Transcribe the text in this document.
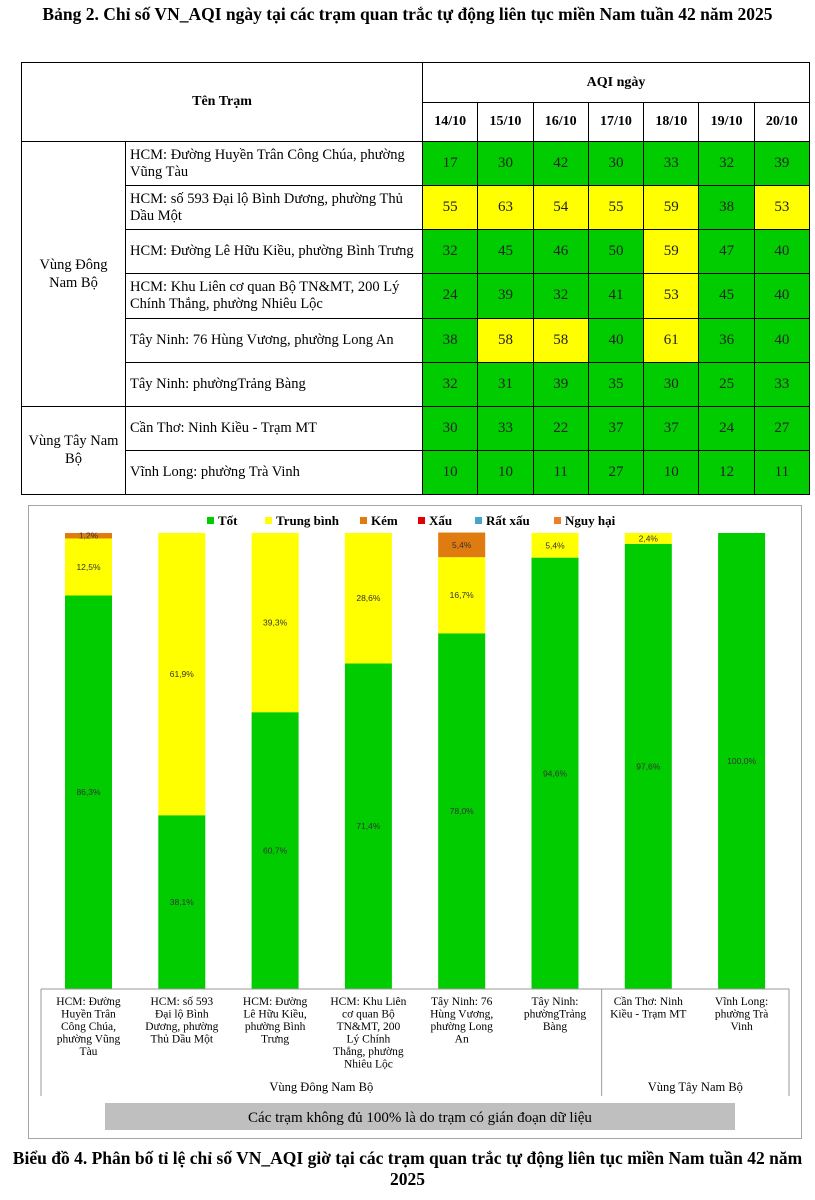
Bảng 2. Chỉ số VN_AQI ngày tại các trạm quan trắc tự động liên tục miền Nam tuần 42 năm 2025
Tên Trạm		AQI ngày						
		14/10	15/10	16/10	17/10	18/10	19/10	20/10
Vùng Đông Nam Bộ	HCM: Đường Huyền Trân Công Chúa, phường Vũng Tàu	17	30	42	30	33	32	39
	HCM: số 593 Đại lộ Bình Dương, phường Thủ Dầu Một	55	63	54	55	59	38	53
	HCM: Đường Lê Hữu Kiều, phường Bình Trưng	32	45	46	50	59	47	40
	HCM: Khu Liên cơ quan Bộ TN&MT, 200 Lý Chính Thắng, phường Nhiêu Lộc	24	39	32	41	53	45	40
	Tây Ninh: 76 Hùng Vương, phường Long An	38	58	58	40	61	36	40
	Tây Ninh: phườngTrảng Bàng	32	31	39	35	30	25	33
Vùng Tây Nam Bộ	Cần Thơ: Ninh Kiều - Trạm MT	30	33	22	37	37	24	27
	Vĩnh Long: phường Trà Vinh	10	10	11	27	10	12	11
Tốt	Trung bình Kém Xấu	Rất xấu	Nguy hại
86,3%
12,5%
1,2%
HCM: Đường
Huyền Trân
Công Chúa,
phường Vũng
Tàu
38,1%
61,9%
HCM: số 593
Đại lộ Bình
Dương, phường
Thủ Dầu Một
60,7%
39,3%
HCM: Đường
Lê Hữu Kiều,
phường Bình
Trưng
71,4%
28,6%
HCM: Khu Liên
cơ quan Bộ
TN&MT, 200
Lý Chính
Thắng, phường
Nhiêu Lộc
78,0%
16,7%
5,4%
Tây Ninh: 76
Hùng Vương,
phường Long
An
94,6%
5,4%
Tây Ninh:
phườngTrảng
Bàng
97,6%
2,4%
Cần Thơ: Ninh
Kiều - Trạm MT
100,0%
Vĩnh Long:
phường Trà
Vinh
Vùng Đông Nam Bộ	Vùng Tây Nam Bộ
Các trạm không đủ 100% là do trạm có gián đoạn dữ liệu
Biểu đồ 4. Phân bố tỉ lệ chỉ số VN_AQI giờ tại các trạm quan trắc tự động liên tục miền Nam tuần 42 năm 2025
